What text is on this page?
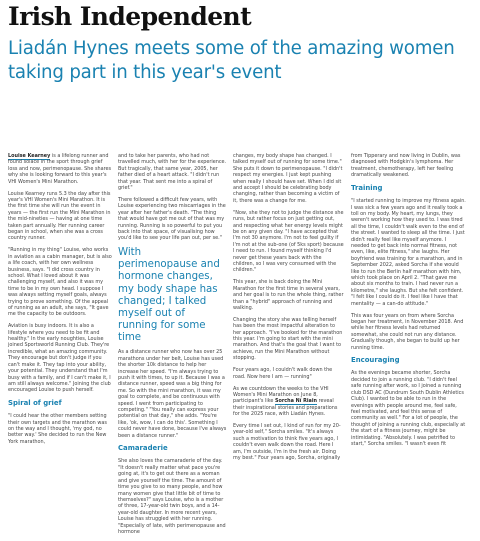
Irish Independent
Liadán Hynes meets some of the amazing women taking part in this year's event
With perimenopause and hormone changes, my body shape has changed; I talked myself out of running for some time

Louise Kearney is a lifelong runner and found solace in the sport through grief loss and now, perimenopause. She shares why she is looking forward to this year's VHI Women's Mini Marathon.

Louise Kearney runs 5.3 the day after this year's VHI Women's Mini Marathon. It is the first time she will run the event in years — the first run the Mini Marathon in the mid-nineties — having at one time taken part annually. Her running career began in school, when she was a cross country runner.

"Running in my thing" Louise, who works in aviation as a cabin manager, but is also a life coach, with her own wellness business, says. "I did cross country in school. What I loved about it was challenging myself, and also it was my time to be in my own head. I suppose I was always setting myself goals, always trying to prove something. Of the appeal of running as an adult, she says, "It gave me the capacity to be outdoors.

Aviation is busy indoors. It is also a lifestyle where you need to be fit and healthy." In the early noughties, Louise joined Sportsworld Running Club. They're incredible, what an amazing community. They encourage but don't judge if you can't make it. They tap into your ability, your potential. They understand that I'm busy with a family, and if I can't make it, I am still always welcome." Joining the club encouraged Louise to push herself.

Spiral of grief

"I could hear the other members setting their own targets and the marathon was on the way and I thought, 'my god, no better way.' She decided to run the New York marathon,

and to take her parents, who had not travelled much, with her for the experience. But tragically, that same year, 2005, her father died of a heart attack. "I didn't run that year. That sent me into a spiral of grief."

There followed a difficult few years, with Louise experiencing two miscarriages in the year after her father's death. "The thing that would have got me out of that was my running. Running is so powerful to put you back into that space, of visualising how you'd like to see your life pan out, per se."

As a distance runner who now has over 25 marathons under her belt, Louise has used the shorter 10k distance to help her increase her speed. "I'm always trying to push it with times, to up it. Because I was a distance runner, speed was a big thing for me. So with the mini marathon, it was my goal to complete, and be continuous with speed. I went from participating to competing." "You really can express your potential on that day," she adds. "You're like, 'ok, wow, I can do this'. Something I could never have done, because I've always been a distance runner."

Camaraderie

She also loves the camaraderie of the day. "It doesn't really matter what pace you're going at, it's to get out there as a woman and give yourself the time. The amount of time you give to so many people, and how many women give that little bit of time to themselves?" says Louise, who is a mother of three, 17-year-old twin boys, and a 14-year-old daughter. In more recent years, Louise has struggled with her running. "Especially of late, with perimenopause and hormone

changes, my body shape has changed. I talked myself out of running for some time." She puts it down to perimenopause. "I didn't respect my energies. I just kept pushing when really I should have set. When I did sit and accept I should be celebrating body changing, rather than becoming a victim of it, there was a change for me.

"Now, she they not to judge the distance she runs, but rather focus on just getting out, and respecting what her energy levels might be on any given day. "I have accepted that I'm not 30 anymore. I'm not to feel guilty if I'm not at the sub-one (of 5ks sport) because I need to run. I found myself thinking I'd never get these years back with the children, so I was very consumed with the children."

This year, she is back doing the Mini Marathon for the first time in several years, and her goal is to run the whole thing, rather than a "hybrid" approach of running and walking.

Changing the story she was telling herself has been the most impactful alteration to her approach. "I've booked for the marathon this year. I'm going to start with the mini marathon. And that's the goal that I want to achieve, run the Mini Marathon without stopping.

Four years ago, I couldn't walk down the road. Now here I am — running"

As we countdown the weeks to the VHI Women's Mini Marathon on June 8, participant's like Sorcha Ní Riain reveal their inspirational stories and preparations for the 2025 race, with Liadán Hynes.

Every time I set out, I kind of run for my 20-year-old self," Sorcha smiles. "It's always such a motivation to think five years ago, I couldn't even walk down the road. Here I am, I'm outside, I'm in the fresh air. Doing my best." Four years ago, Sorcha, originally

from Tipperary and now living in Dublin, was diagnosed with Hodgkin's lymphoma. Her treatment, chemotherapy, left her feeling dramatically weakened.

Training

"I started running to improve my fitness again. I was sick a few years ago and it really took a toll on my body. My heart, my lungs, they weren't working how they used to. I was tired all the time, I couldn't walk even to the end of the street. I wanted to sleep all the time. I just didn't really feel like myself anymore. I needed to get back into normal fitness, not even, like, elite fitness," she laughs. Her boyfriend was training for a marathon, and in September 2022, asked Sorcha if she would like to run the Berlin half marathon with him, which took place on April 2. "That gave me about six months to train. I had never run a kilometre," she laughs. But she felt confident. "I felt like I could do it. I feel like I have that mentality — a can-do attitude."

This was four years on from where Sorcha began her treatment, in November 2018. And while her fitness levels had returned somewhat, she could not run any distance. Gradually though, she began to build up her running time.

Encouraging

As the evenings became shorter, Sorcha decided to join a running club. "I didn't feel safe running after work, so I joined a running club DSD AC (Dundrum South Dublin Athletics Club). I wanted to be able to run in the evenings with people around me, feel safe, feel motivated, and feel this sense of community as well." For a lot of people, the thought of joining a running club, especially at the start of a fitness journey, might be intimidating. "Absolutely. I was petrified to start," Sorcha smiles. "I wasn't even fit
